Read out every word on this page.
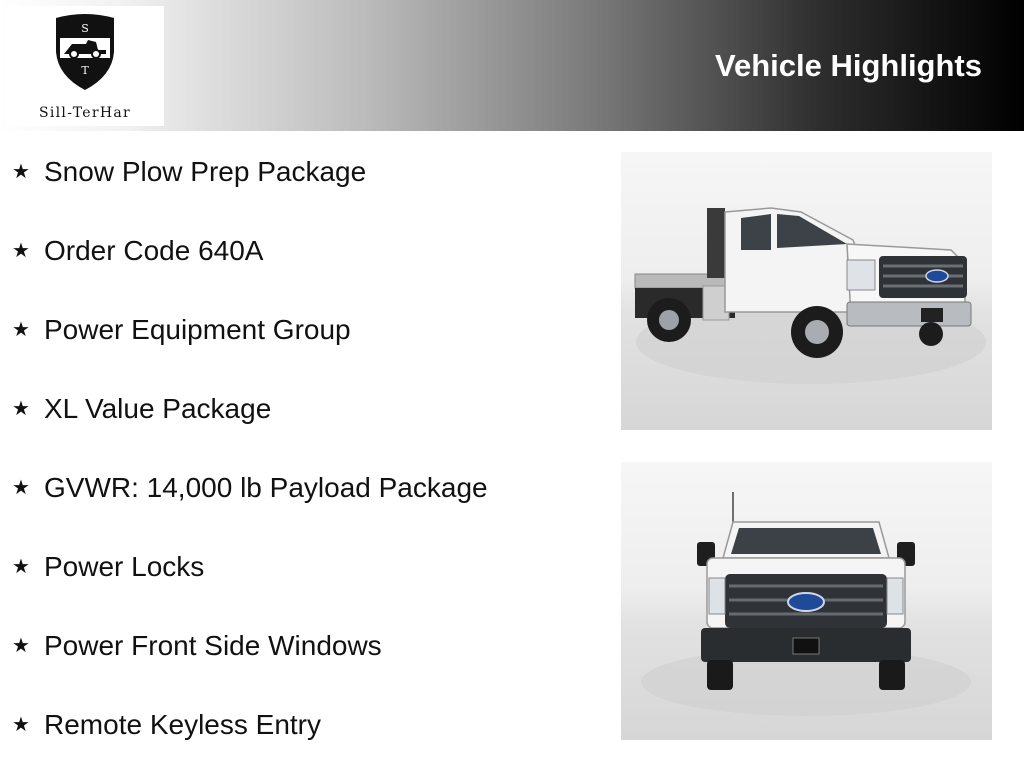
S
T
Sill-TerHar
Vehicle Highlights
★ Snow Plow Prep Package
★ Order Code 640A
★ Power Equipment Group
★ XL Value Package
★ GVWR: 14,000 lb Payload Package
★ Power Locks
★ Power Front Side Windows
★ Remote Keyless Entry
